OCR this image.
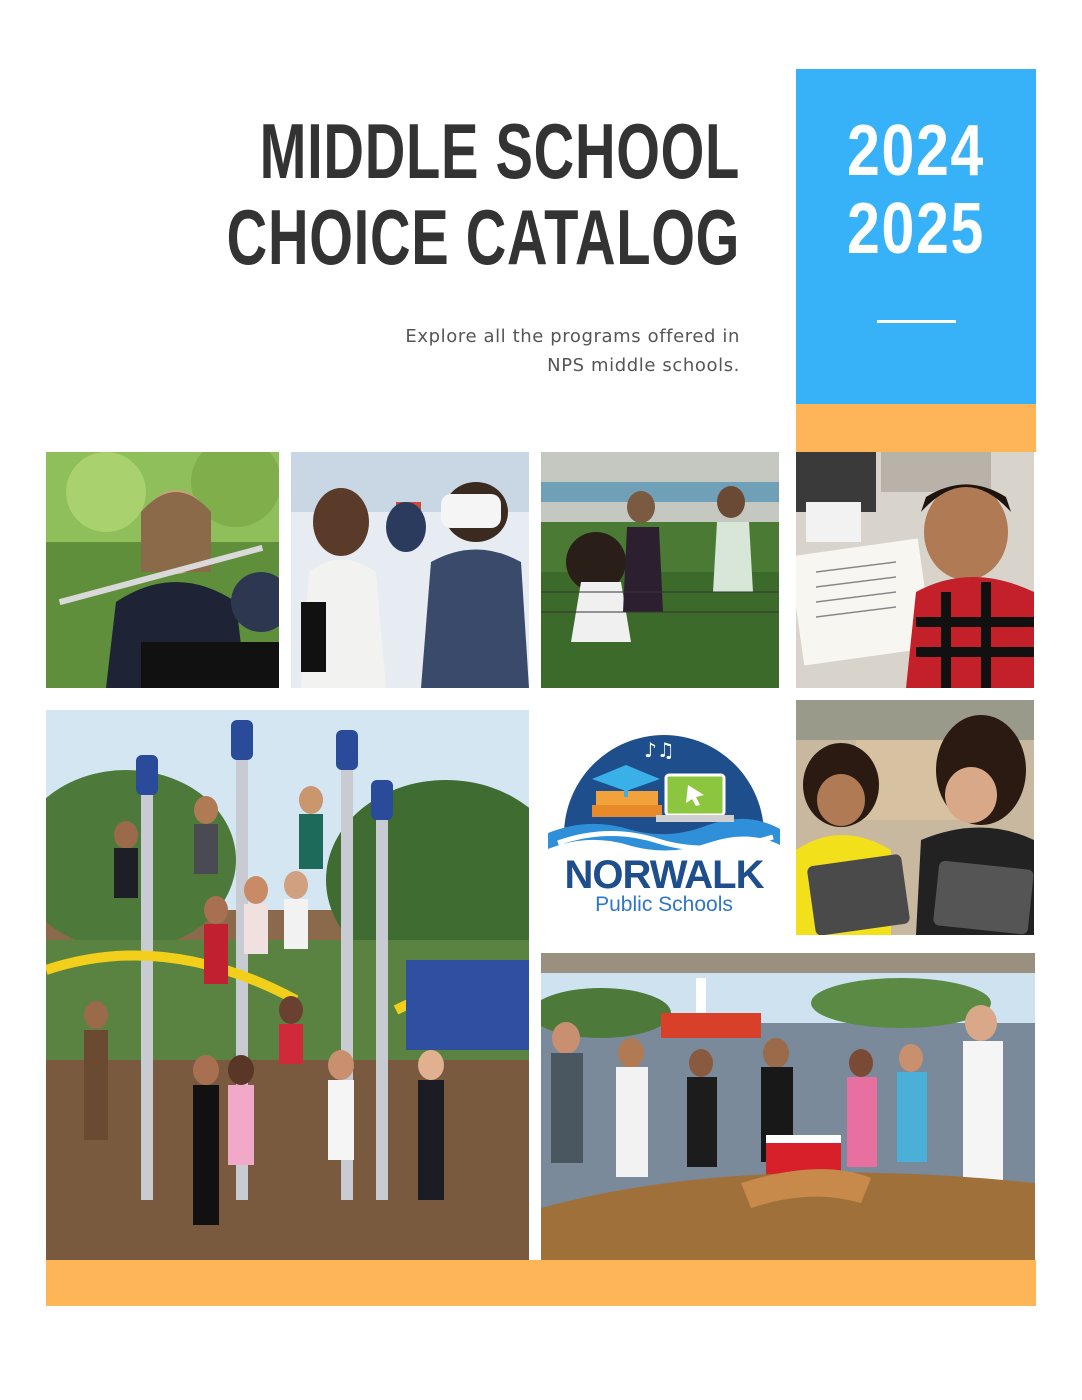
MIDDLE SCHOOL
CHOICE CATALOG
Explore all the programs offered in
NPS middle schools.
2024
2025
♪♫
NORWALK
Public Schools
